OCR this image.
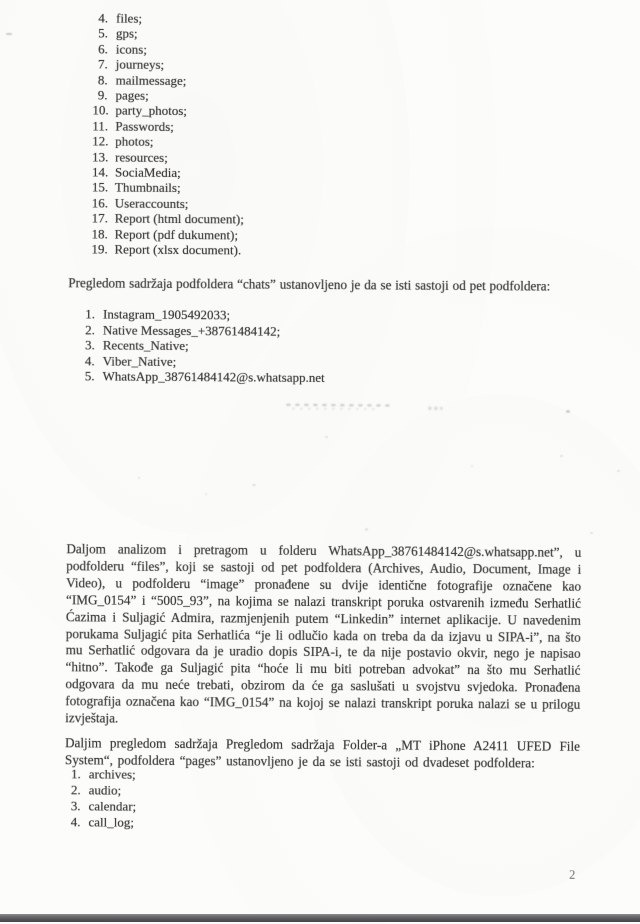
4. files;
5. gps;
6. icons;
7. journeys;
8. mailmessage;
9. pages;
10. party_photos;
11. Passwords;
12. photos;
13. resources;
14. SociaMedia;
15. Thumbnails;
16. Useraccounts;
17. Report (html document);
18. Report (pdf dukument);
19. Report (xlsx document).
Pregledom sadržaja podfoldera “chats” ustanovljeno je da se isti sastoji od pet podfoldera:
1. Instagram_1905492033;
2. Native Messages_+38761484142;
3. Recents_Native;
4. Viber_Native;
5. WhatsApp_38761484142@s.whatsapp.net
Daljom analizom i pretragom u folderu WhatsApp_38761484142@s.whatsapp.net”, u podfolderu “files”, koji se sastoji od pet podfoldera (Archives, Audio, Document, Image i Video), u podfolderu “image” pronađene su dvije identične fotografije označene kao “IMG_0154” i “5005_93”, na kojima se nalazi transkript poruka ostvarenih između Serhatlić Ćazima i Suljagić Admira, razmjenjenih putem “Linkedin” internet aplikacije. U navedenim porukama Suljagić pita Serhatlića “je li odlučio kada on treba da da izjavu u SIPA-i”, na što mu Serhatlić odgovara da je uradio dopis SIPA-i, te da nije postavio okvir, nego je napisao “hitno”. Takođe ga Suljagić pita “hoće li mu biti potreban advokat” na što mu Serhatlić odgovara da mu neće trebati, obzirom da će ga saslušati u svojstvu svjedoka. Pronađena fotografija označena kao “IMG_0154” na kojoj se nalazi transkript poruka nalazi se u prilogu izvještaja.
Daljim pregledom sadržaja Pregledom sadržaja Folder-a „MT iPhone A2411 UFED File System“, podfoldera “pages” ustanovljeno je da se isti sastoji od dvadeset podfoldera:
1. archives;
2. audio;
3. calendar;
4. call_log;
2
